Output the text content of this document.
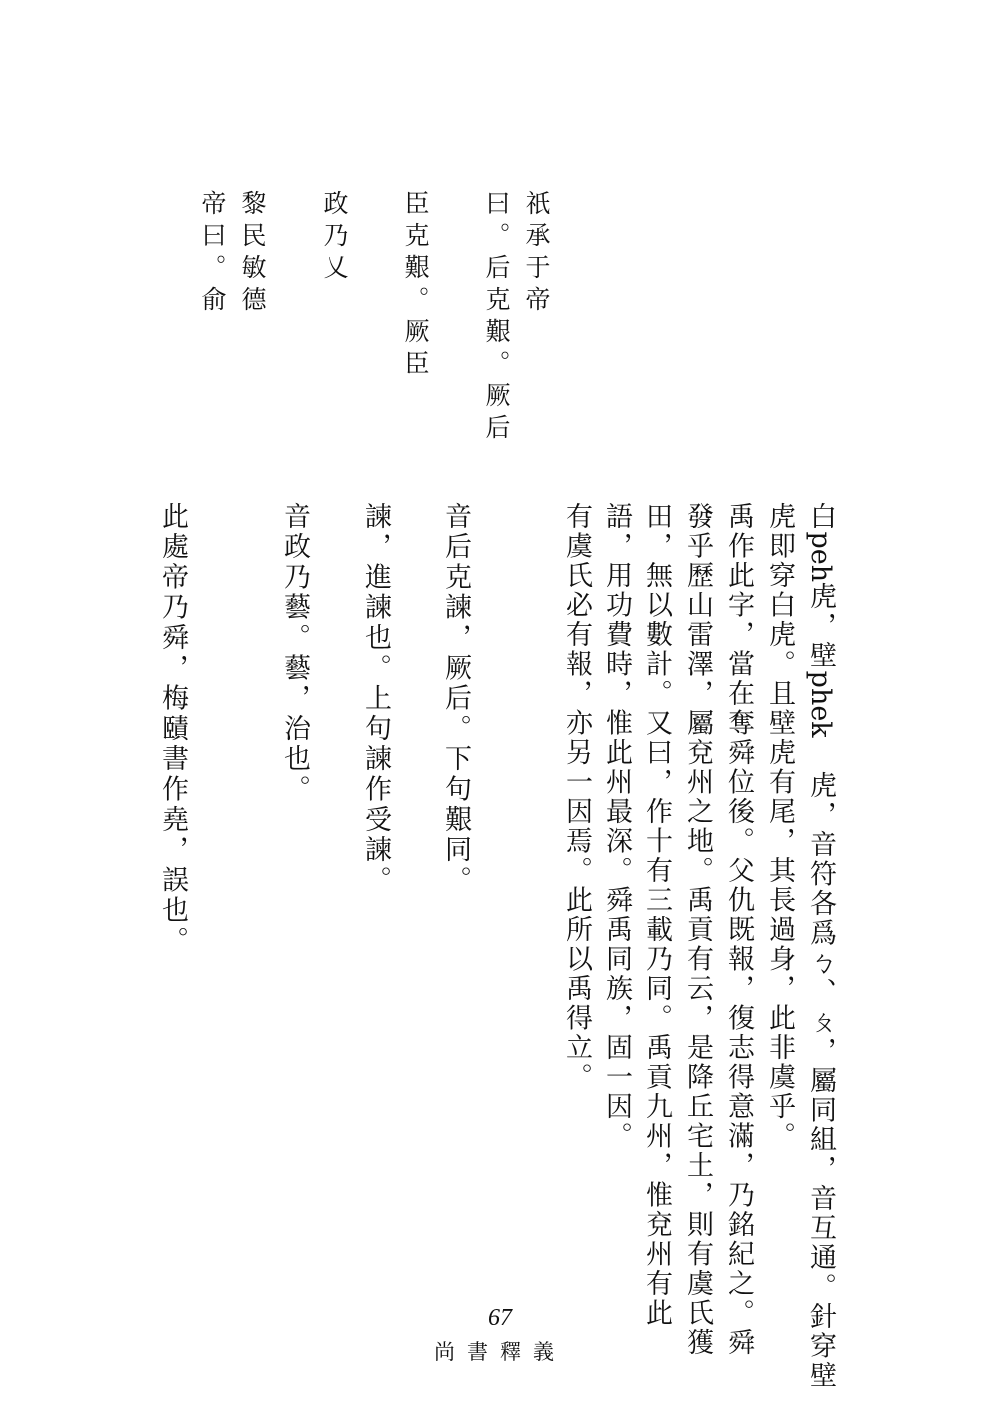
祇承于帝
曰。后克艱。厥后
臣克艱。厥臣
政乃乂
黎民敏德
帝曰。俞
白peh虎，壁phek 虎，音符各爲ㄅ、ㄆ，屬同組，音互通。針穿壁
虎即穿白虎。且壁虎有尾，其長過身，此非虞乎。
禹作此字，當在奪舜位後。父仇既報，復志得意滿，乃銘紀之。舜
發乎歷山雷澤，屬兗州之地。禹貢有云，是降丘宅土，則有虞氏獲
田，無以數計。又曰，作十有三載乃同。禹貢九州，惟兗州有此
語，用功費時，惟此州最深。舜禹同族，固一因。
有虞氏必有報，亦另一因焉。此所以禹得立。
音后克諫，厥后。下句艱同。
諫，進諫也。上句諫作受諫。
音政乃藝。藝，治也。
此處帝乃舜，梅賾書作堯，誤也。
67
尚書釋義
